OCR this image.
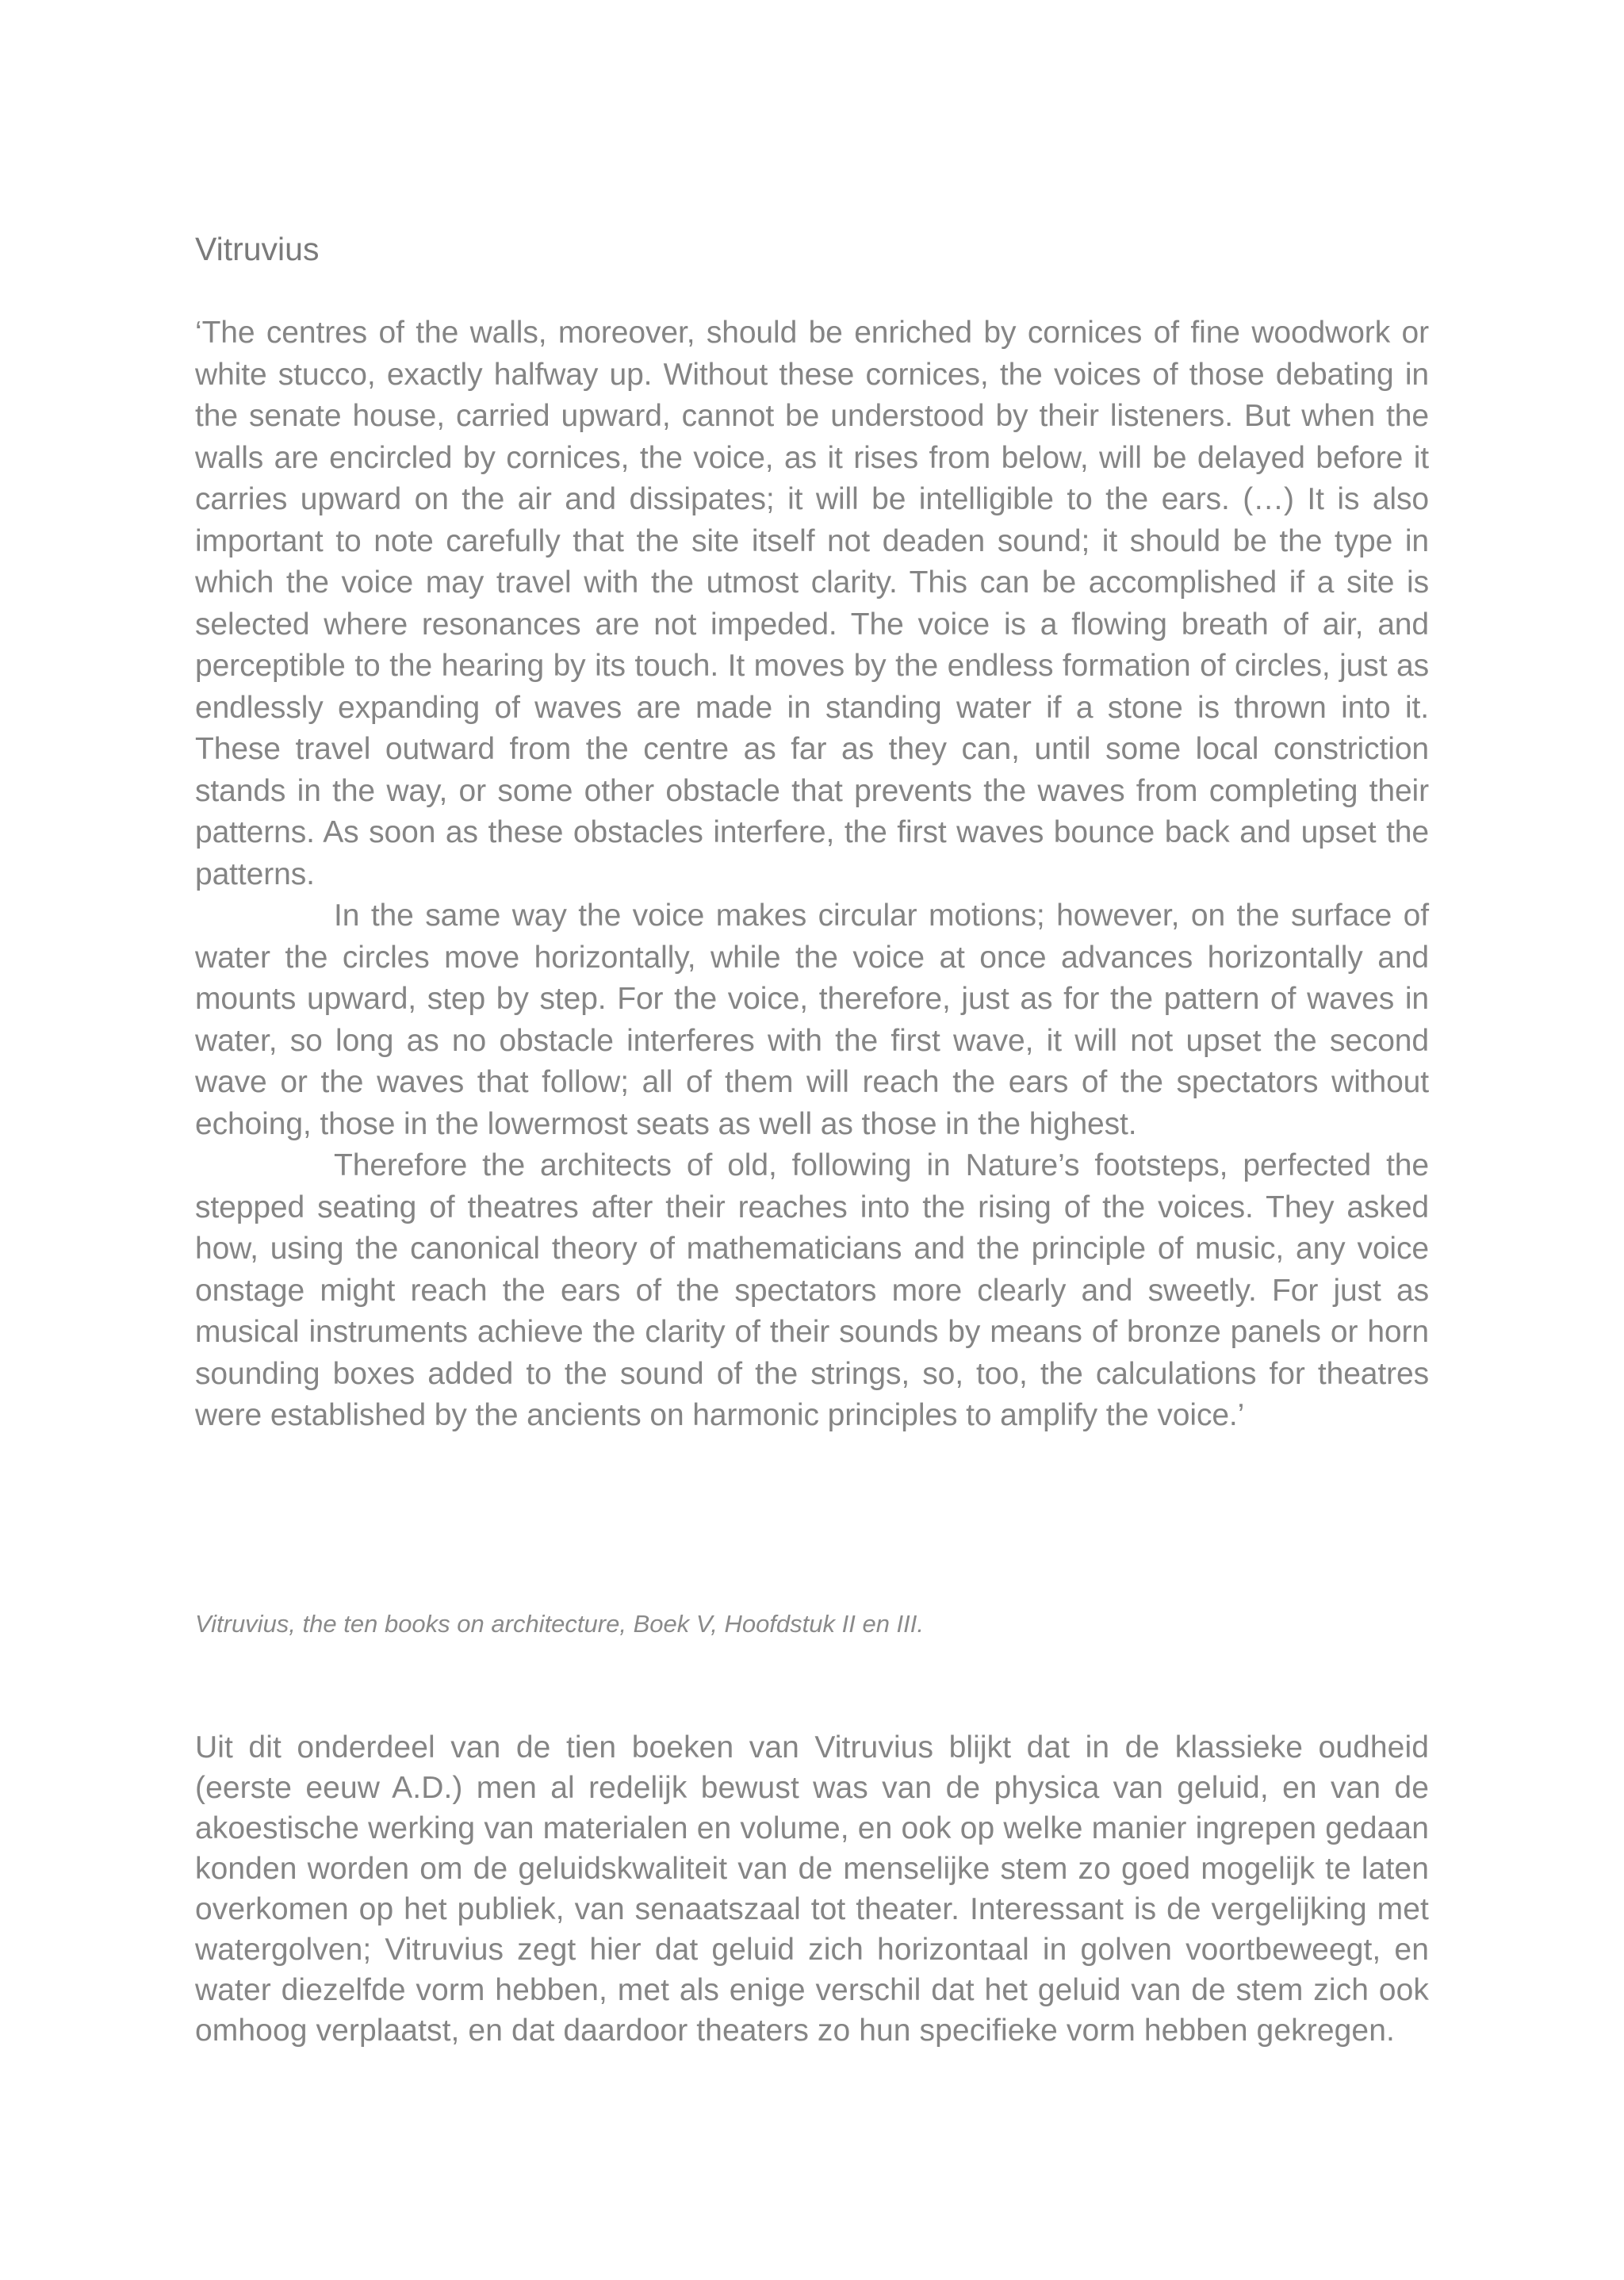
Vitruvius

‘The centres of the walls, moreover, should be enriched by cornices of fine woodwork or white stucco, exactly halfway up. Without these cornices, the voices of those debating in the senate house, carried upward, cannot be understood by their listeners. But when the walls are encircled by cornices, the voice, as it rises from below, will be delayed before it carries upward on the air and dissipates; it will be intelligible to the ears. (…) It is also important to note carefully that the site itself not deaden sound; it should be the type in which the voice may travel with the utmost clarity. This can be accomplished if a site is selected where resonances are not impeded. The voice is a flowing breath of air, and perceptible to the hearing by its touch. It moves by the endless formation of circles, just as endlessly expanding of waves are made in standing water if a stone is thrown into it. These travel outward from the centre as far as they can, until some local constriction stands in the way, or some other obstacle that prevents the waves from completing their patterns. As soon as these obstacles interfere, the first waves bounce back and upset the patterns.

In the same way the voice makes circular motions; however, on the surface of water the circles move horizontally, while the voice at once advances horizontally and mounts upward, step by step. For the voice, therefore, just as for the pattern of waves in water, so long as no obstacle interferes with the first wave, it will not upset the second wave or the waves that follow; all of them will reach the ears of the spectators without echoing, those in the lowermost seats as well as those in the highest.

Therefore the architects of old, following in Nature’s footsteps, perfected the stepped seating of theatres after their reaches into the rising of the voices. They asked how, using the canonical theory of mathematicians and the principle of music, any voice onstage might reach the ears of the spectators more clearly and sweetly. For just as musical instruments achieve the clarity of their sounds by means of bronze panels or horn sounding boxes added to the sound of the strings, so, too, the calculations for theatres were established by the ancients on harmonic principles to amplify the voice.’

Vitruvius, the ten books on architecture, Boek V, Hoofdstuk II en III.

Uit dit onderdeel van de tien boeken van Vitruvius blijkt dat in de klassieke oudheid (eerste eeuw A.D.) men al redelijk bewust was van de physica van geluid, en van de akoestische werking van materialen en volume, en ook op welke manier ingrepen gedaan konden worden om de geluidskwaliteit van de menselijke stem zo goed mogelijk te laten overkomen op het publiek, van senaatszaal tot theater. Interessant is de vergelijking met watergolven; Vitruvius zegt hier dat geluid zich horizontaal in golven voortbeweegt, en water diezelfde vorm hebben, met als enige verschil dat het geluid van de stem zich ook omhoog verplaatst, en dat daardoor theaters zo hun specifieke vorm hebben gekregen.
